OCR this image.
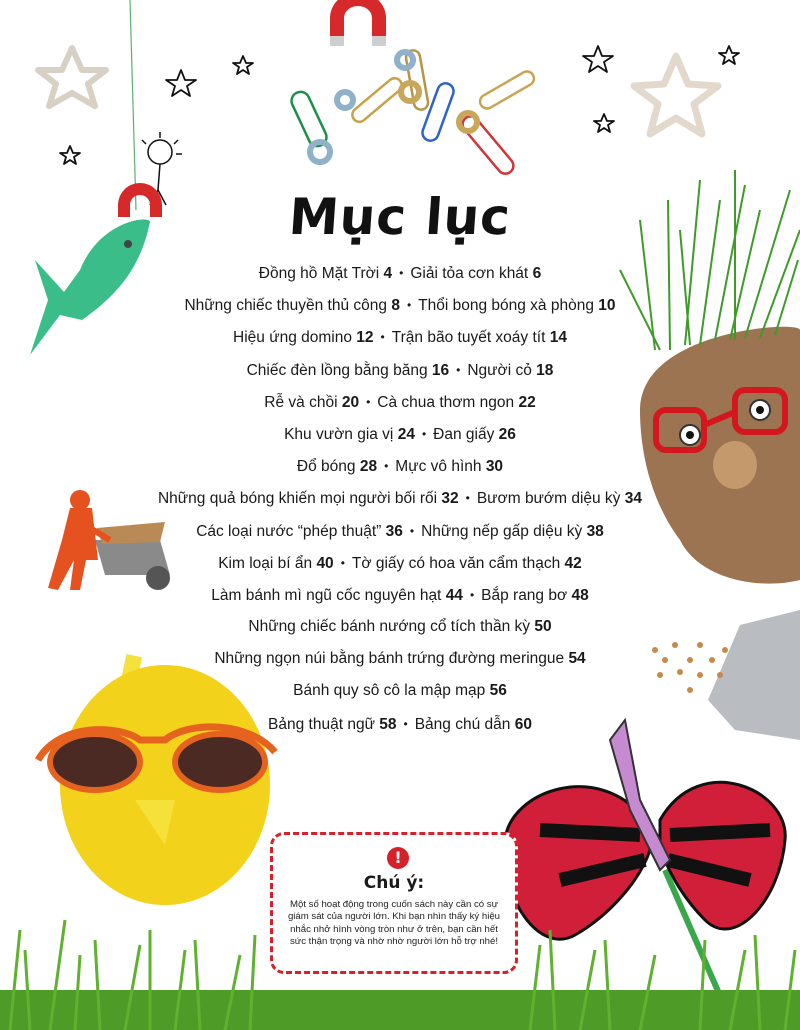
Mục lục
Đồng hồ Mặt Trời 4 • Giải tỏa cơn khát 6
Những chiếc thuyền thủ công 8 • Thổi bong bóng xà phòng 10
Hiệu ứng domino 12 • Trận bão tuyết xoáy tít 14
Chiếc đèn lồng bằng băng 16 • Người cỏ 18
Rễ và chồi 20 • Cà chua thơm ngon 22
Khu vườn gia vị 24 • Đan giấy 26
Đổ bóng 28 • Mực vô hình 30
Những quả bóng khiến mọi người bối rối 32 • Bươm bướm diệu kỳ 34
Các loại nước “phép thuật” 36 • Những nếp gấp diệu kỳ 38
Kim loại bí ẩn 40 • Tờ giấy có hoa văn cẩm thạch 42
Làm bánh mì ngũ cốc nguyên hạt 44 • Bắp rang bơ 48
Những chiếc bánh nướng cổ tích thần kỳ 50
Những ngọn núi bằng bánh trứng đường meringue 54
Bánh quy sô cô la mập mạp 56
Bảng thuật ngữ 58 • Bảng chú dẫn 60
!
Chú ý:
Một số hoạt động trong cuốn sách này cần có sự giám sát của người lớn. Khi bạn nhìn thấy ký hiệu nhắc nhở hình vòng tròn như ở trên, bạn cần hết sức thận trọng và nhờ nhờ người lớn hỗ trợ nhé!
